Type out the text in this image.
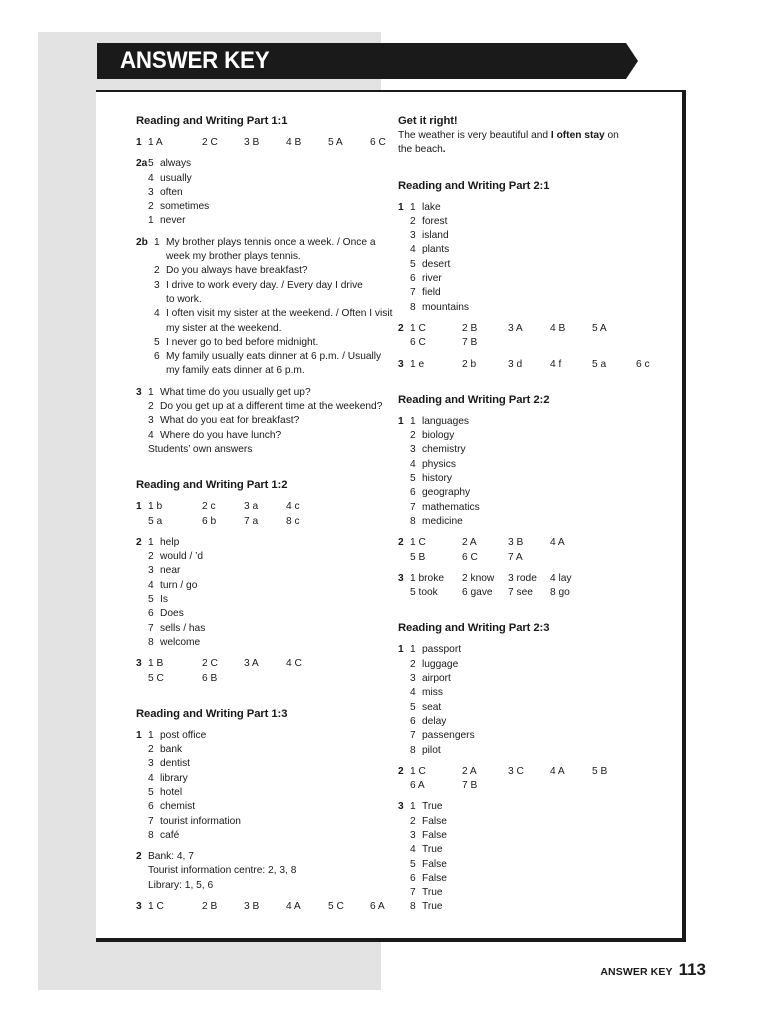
ANSWER KEY
Reading and Writing Part 1:1
1 1 A	2 C	3 B	4 B	5 A	6 C
2a 5 always
4 usually
3 often
2 sometimes
1 never
2b 1 My brother plays tennis once a week. / Once a
week my brother plays tennis.
2 Do you always have breakfast?
3 I drive to work every day. / Every day I drive
to work.
4 I often visit my sister at the weekend. / Often I visit
my sister at the weekend.
5 I never go to bed before midnight.
6 My family usually eats dinner at 6 p.m. / Usually
my family eats dinner at 6 p.m.
3 1 What time do you usually get up?
2 Do you get up at a different time at the weekend?
3 What do you eat for breakfast?
4 Where do you have lunch?
Students’ own answers
Reading and Writing Part 1:2
1 1 b	2 c	3 a	4 c
5 a	6 b	7 a	8 c
2 1 help
2 would / ’d
3 near
4 turn / go
5 Is
6 Does
7 sells / has
8 welcome
3 1 B	2 C	3 A	4 C
5 C	6 B
Reading and Writing Part 1:3
1 1 post office
2 bank
3 dentist
4 library
5 hotel
6 chemist
7 tourist information
8 café
2 Bank: 4, 7
Tourist information centre: 2, 3, 8
Library: 1, 5, 6
3 1 C	2 B	3 B	4 A	5 C	6 A
Get it right!
The weather is very beautiful and I often stay on
the beach.
Reading and Writing Part 2:1
1 1 lake
2 forest
3 island
4 plants
5 desert
6 river
7 field
8 mountains
2 1 C	2 B	3 A	4 B	5 A
6 C	7 B
3 1 e	2 b	3 d	4 f	5 a	6 c
Reading and Writing Part 2:2
1 1 languages
2 biology
3 chemistry
4 physics
5 history
6 geography
7 mathematics
8 medicine
2 1 C	2 A	3 B	4 A
5 B	6 C	7 A
3 1 broke	2 know	3 rode	4 lay
5 took	6 gave	7 see	8 go
Reading and Writing Part 2:3
1 1 passport
2 luggage
3 airport
4 miss
5 seat
6 delay
7 passengers
8 pilot
2 1 C	2 A	3 C	4 A	5 B
6 A	7 B
3 1 True
2 False
3 False
4 True
5 False
6 False
7 True
8 True
ANSWER KEY 113
